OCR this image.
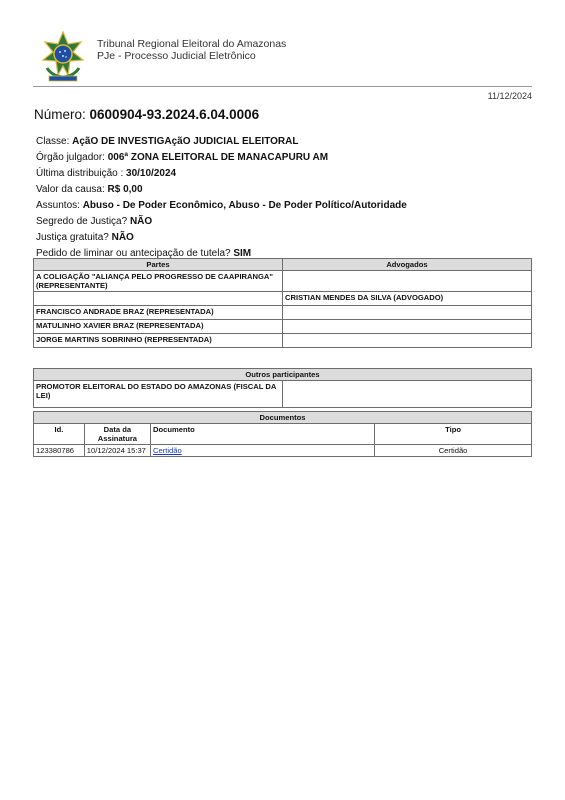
Tribunal Regional Eleitoral do Amazonas
PJe - Processo Judicial Eletrônico
11/12/2024
Número: 0600904-93.2024.6.04.0006
Classe: AçãO DE INVESTIGAçãO JUDICIAL ELEITORAL
Órgão julgador: 006ª ZONA ELEITORAL DE MANACAPURU AM
Última distribuição : 30/10/2024
Valor da causa: R$ 0,00
Assuntos: Abuso - De Poder Econômico, Abuso - De Poder Político/Autoridade
Segredo de Justiça? NÃO
Justiça gratuita? NÃO
Pedido de liminar ou antecipação de tutela? SIM
Partes	Advogados
A COLIGAÇÃO "ALIANÇA PELO PROGRESSO DE CAAPIRANGA" (REPRESENTANTE)	
	CRISTIAN MENDES DA SILVA (ADVOGADO)
FRANCISCO ANDRADE BRAZ (REPRESENTADA)	
MATULINHO XAVIER BRAZ (REPRESENTADA)	
JORGE MARTINS SOBRINHO (REPRESENTADA)	
Outros participantes
PROMOTOR ELEITORAL DO ESTADO DO AMAZONAS (FISCAL DA LEI)	
Documentos			
Id.	Data da Assinatura	Documento	Tipo
123380786	10/12/2024 15:37	Certidão	Certidão
